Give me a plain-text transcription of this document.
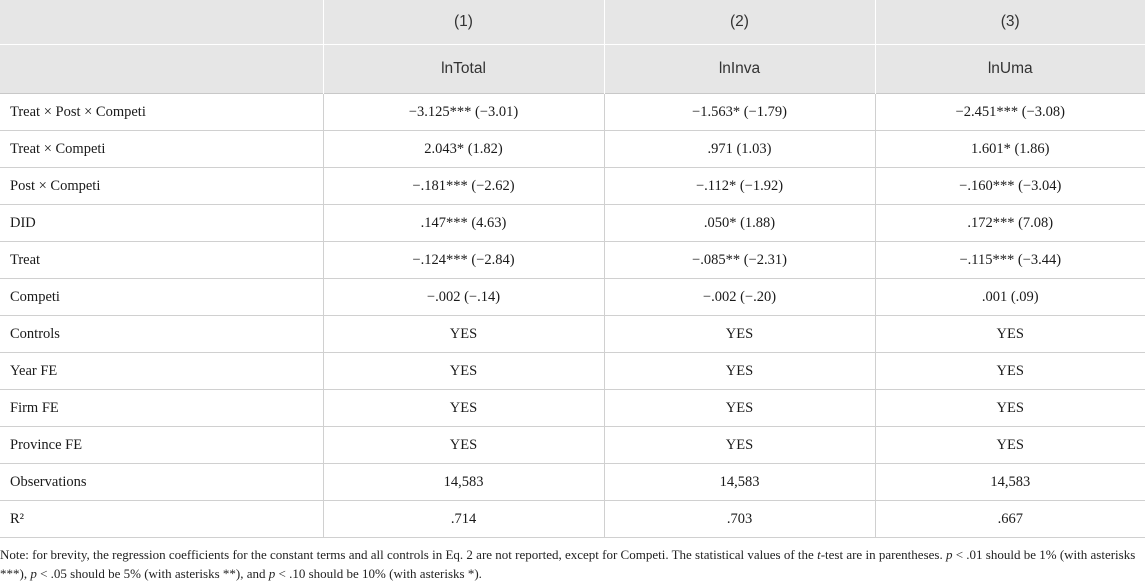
	(1)	(2)	(3)
	lnTotal	lnInva	lnUma
Treat × Post × Competi	−3.125*** (−3.01)	−1.563* (−1.79)	−2.451*** (−3.08)
Treat × Competi	2.043* (1.82)	.971 (1.03)	1.601* (1.86)
Post × Competi	−.181*** (−2.62)	−.112* (−1.92)	−.160*** (−3.04)
DID	.147*** (4.63)	.050* (1.88)	.172*** (7.08)
Treat	−.124*** (−2.84)	−.085** (−2.31)	−.115*** (−3.44)
Competi	−.002 (−.14)	−.002 (−.20)	.001 (.09)
Controls	YES	YES	YES
Year FE	YES	YES	YES
Firm FE	YES	YES	YES
Province FE	YES	YES	YES
Observations	14,583	14,583	14,583
R²	.714	.703	.667

Note: for brevity, the regression coefficients for the constant terms and all controls in Eq. 2 are not reported, except for Competi. The statistical values of the t-test are in parentheses. p < .01 should be 1% (with asterisks ***), p < .05 should be 5% (with asterisks **), and p < .10 should be 10% (with asterisks *).
